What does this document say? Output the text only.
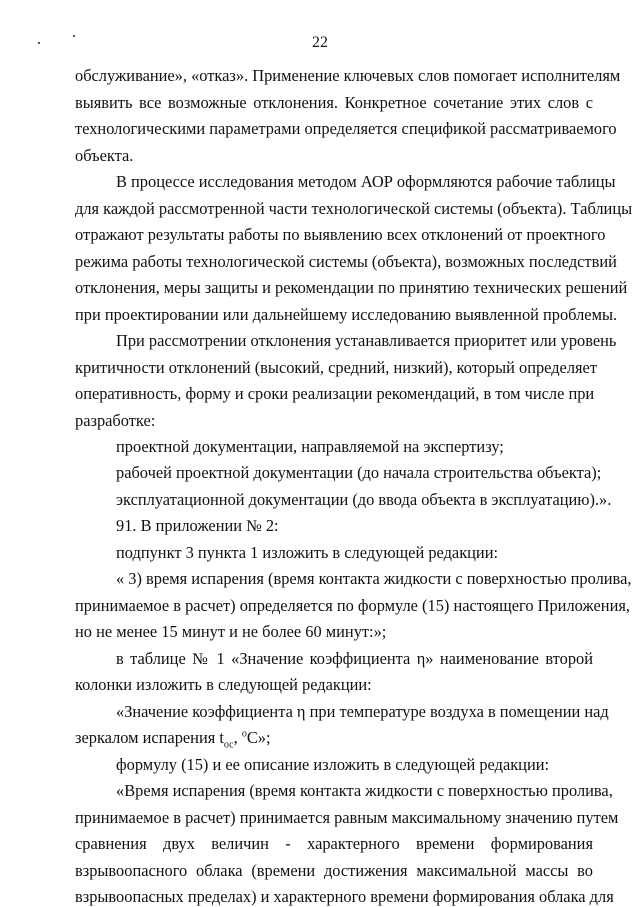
22
обслуживание», «отказ». Применение ключевых слов помогает исполнителям
выявить все возможные отклонения. Конкретное сочетание этих слов с
технологическими параметрами определяется спецификой рассматриваемого
объекта.
В процессе исследования методом АОР оформляются рабочие таблицы
для каждой рассмотренной части технологической системы (объекта). Таблицы
отражают результаты работы по выявлению всех отклонений от проектного
режима работы технологической системы (объекта), возможных последствий
отклонения, меры защиты и рекомендации по принятию технических решений
при проектировании или дальнейшему исследованию выявленной проблемы.
При рассмотрении отклонения устанавливается приоритет или уровень
критичности отклонений (высокий, средний, низкий), который определяет
оперативность, форму и сроки реализации рекомендаций, в том числе при
разработке:
проектной документации, направляемой на экспертизу;
рабочей проектной документации (до начала строительства объекта);
эксплуатационной документации (до ввода объекта в эксплуатацию).».
91. В приложении № 2:
подпункт 3 пункта 1 изложить в следующей редакции:
« 3) время испарения (время контакта жидкости с поверхностью пролива,
принимаемое в расчет) определяется по формуле (15) настоящего Приложения,
но не менее 15 минут и не более 60 минут:»;
в таблице № 1 «Значение коэффициента η» наименование второй
колонки изложить в следующей редакции:
«Значение коэффициента η при температуре воздуха в помещении над
зеркалом испарения $t_{ос}$, $^о$С»;
формулу (15) и ее описание изложить в следующей редакции:
«Время испарения (время контакта жидкости с поверхностью пролива,
принимаемое в расчет) принимается равным максимальному значению путем
сравнения двух величин - характерного времени формирования
взрывоопасного облака (времени достижения максимальной массы во
взрывоопасных пределах) и характерного времени формирования облака для
